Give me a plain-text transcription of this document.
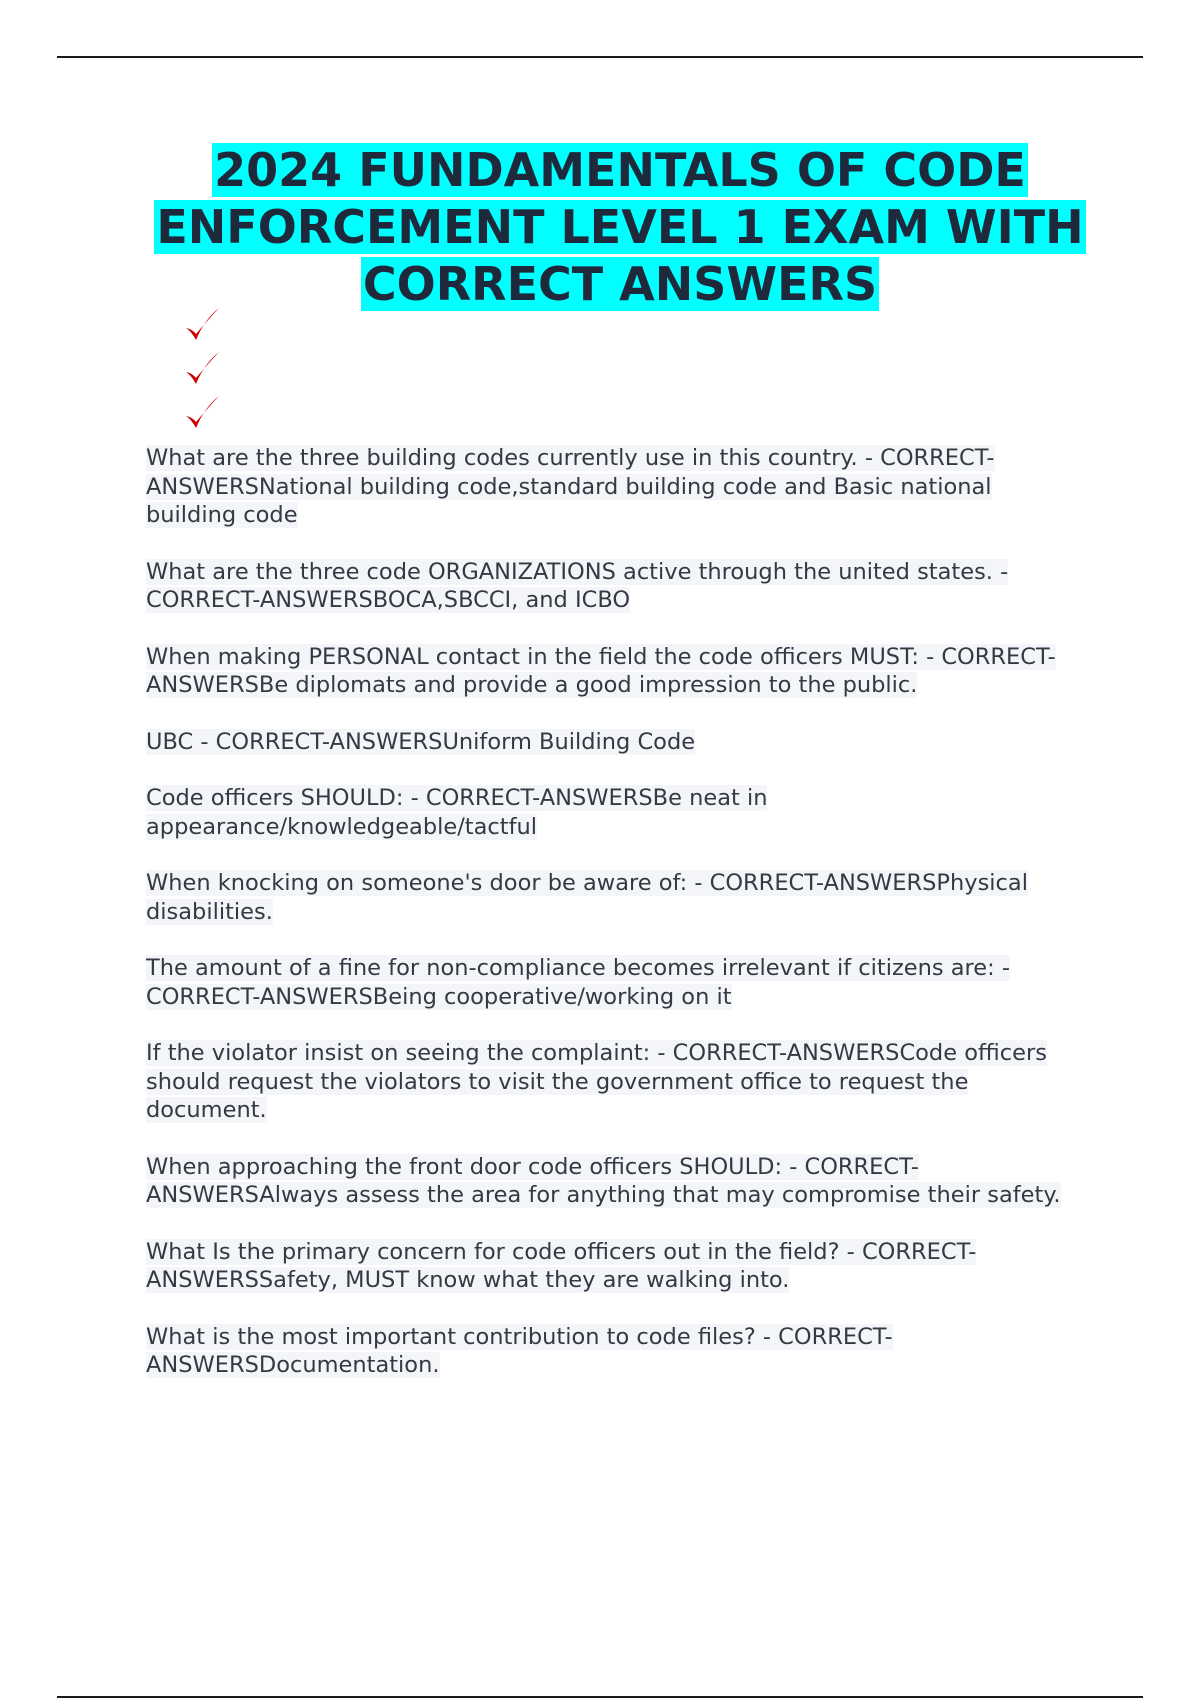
2024 FUNDAMENTALS OF CODE ENFORCEMENT LEVEL 1 EXAM WITH CORRECT ANSWERS

What are the three building codes currently use in this country. - CORRECT-ANSWERSNational building code,standard building code and Basic national building code

What are the three code ORGANIZATIONS active through the united states. - CORRECT-ANSWERSBOCA,SBCCI, and ICBO

When making PERSONAL contact in the field the code officers MUST: - CORRECT-ANSWERSBe diplomats and provide a good impression to the public.

UBC - CORRECT-ANSWERSUniform Building Code

Code officers SHOULD: - CORRECT-ANSWERSBe neat in appearance/knowledgeable/tactful

When knocking on someone's door be aware of: - CORRECT-ANSWERSPhysical disabilities.

The amount of a fine for non-compliance becomes irrelevant if citizens are: - CORRECT-ANSWERSBeing cooperative/working on it

If the violator insist on seeing the complaint: - CORRECT-ANSWERSCode officers should request the violators to visit the government office to request the document.

When approaching the front door code officers SHOULD: - CORRECT-ANSWERSAlways assess the area for anything that may compromise their safety.

What Is the primary concern for code officers out in the field? - CORRECT-ANSWERSSafety, MUST know what they are walking into.

What is the most important contribution to code files? - CORRECT-ANSWERSDocumentation.
